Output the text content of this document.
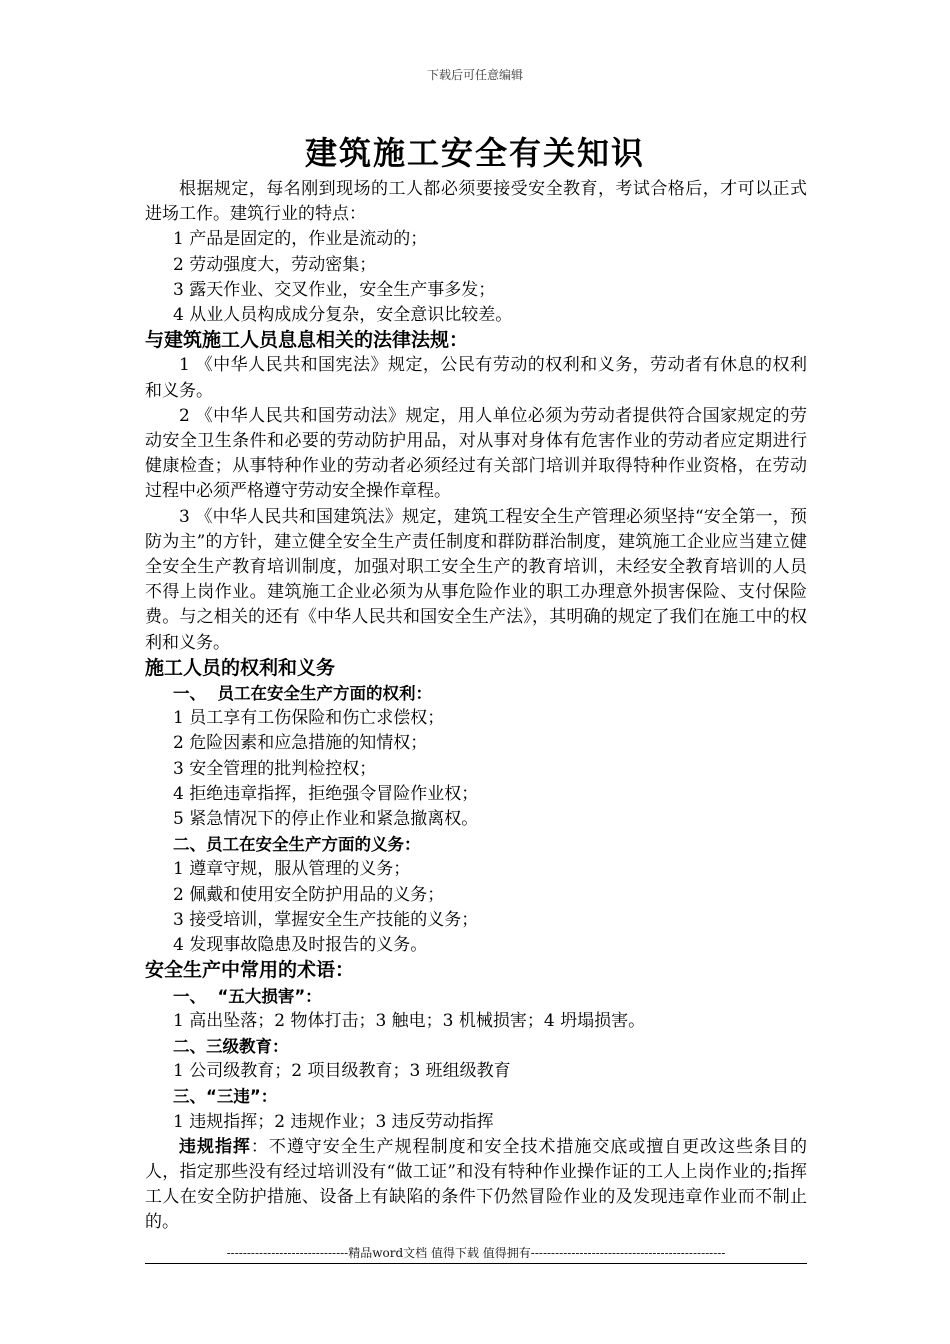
下载后可任意编辑
建筑施工安全有关知识

根据规定，每名刚到现场的工人都必须要接受安全教育，考试合格后，才可以正式进场工作。建筑行业的特点：

1 产品是固定的，作业是流动的；

2 劳动强度大，劳动密集；

3 露天作业、交叉作业，安全生产事多发；

4 从业人员构成成分复杂，安全意识比较差。

与建筑施工人员息息相关的法律法规：

1 《中华人民共和国宪法》规定，公民有劳动的权利和义务，劳动者有休息的权利和义务。

2 《中华人民共和国劳动法》规定，用人单位必须为劳动者提供符合国家规定的劳动安全卫生条件和必要的劳动防护用品，对从事对身体有危害作业的劳动者应定期进行健康检查；从事特种作业的劳动者必须经过有关部门培训并取得特种作业资格，在劳动过程中必须严格遵守劳动安全操作章程。

3 《中华人民共和国建筑法》规定，建筑工程安全生产管理必须坚持“安全第一，预防为主”的方针，建立健全安全生产责任制度和群防群治制度，建筑施工企业应当建立健全安全生产教育培训制度，加强对职工安全生产的教育培训，未经安全教育培训的人员不得上岗作业。建筑施工企业必须为从事危险作业的职工办理意外损害保险、支付保险费。与之相关的还有《中华人民共和国安全生产法》，其明确的规定了我们在施工中的权利和义务。

施工人员的权利和义务

一、  员工在安全生产方面的权利：

1 员工享有工伤保险和伤亡求偿权；

2 危险因素和应急措施的知情权；

3 安全管理的批判检控权；

4 拒绝违章指挥，拒绝强令冒险作业权；

5 紧急情况下的停止作业和紧急撤离权。

二、员工在安全生产方面的义务：

1 遵章守规，服从管理的义务；

2 佩戴和使用安全防护用品的义务；

3 接受培训，掌握安全生产技能的义务；

4 发现事故隐患及时报告的义务。

安全生产中常用的术语：

一、  “五大损害”：

1 高出坠落；2 物体打击；3 触电；3 机械损害；4 坍塌损害。

二、三级教育：

1 公司级教育；2 项目级教育；3 班组级教育

三、“三违”：

1 违规指挥；2 违规作业；3 违反劳动指挥

违规指挥：不遵守安全生产规程制度和安全技术措施交底或擅自更改这些条目的人，指定那些没有经过培训没有“做工证”和没有特种作业操作证的工人上岗作业的;指挥工人在安全防护措施、设备上有缺陷的条件下仍然冒险作业的及发现违章作业而不制止的。

------------------------------精品word文档 值得下载 值得拥有------------------------------------------------
